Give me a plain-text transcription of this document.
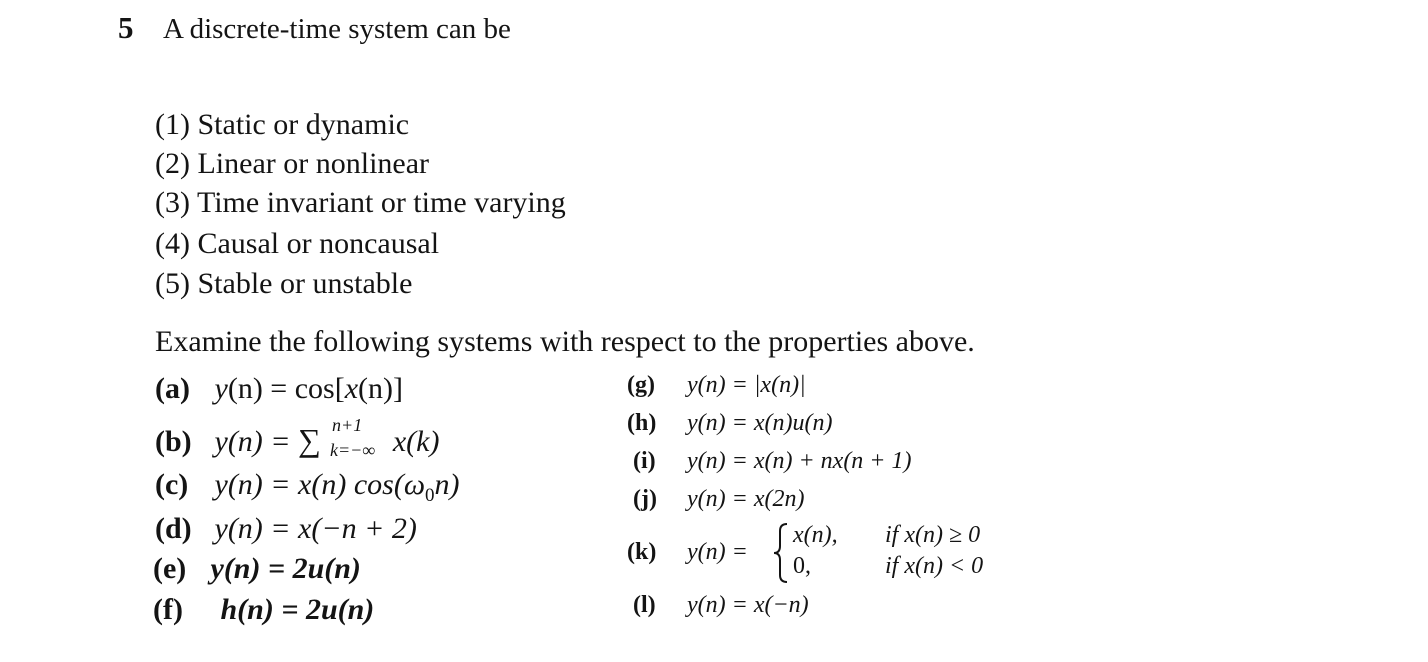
5 A discrete-time system can be
(1) Static or dynamic
(2) Linear or nonlinear
(3) Time invariant or time varying
(4) Causal or noncausal
(5) Stable or unstable
Examine the following systems with respect to the properties above.
(a) y(n) = cos[x(n)]
(b) y(n) = ∑ n+1
k=−∞ x(k)
(c) y(n) = x(n) $\cos(\omega_0n)$
(d) y(n) = x(−n + 2)
(e) y(n) = 2u(n)
(f) h(n) = 2u(n)
(g) y(n) = |x(n)|
(h) y(n) = x(n)u(n)
(i) y(n) = x(n) + nx(n + 1)
(j) y(n) = x(2n)
(k) y(n) =
x(n), if x(n) ≥ 0
0,	if x(n) < 0
(l) y(n) = x(−n)
